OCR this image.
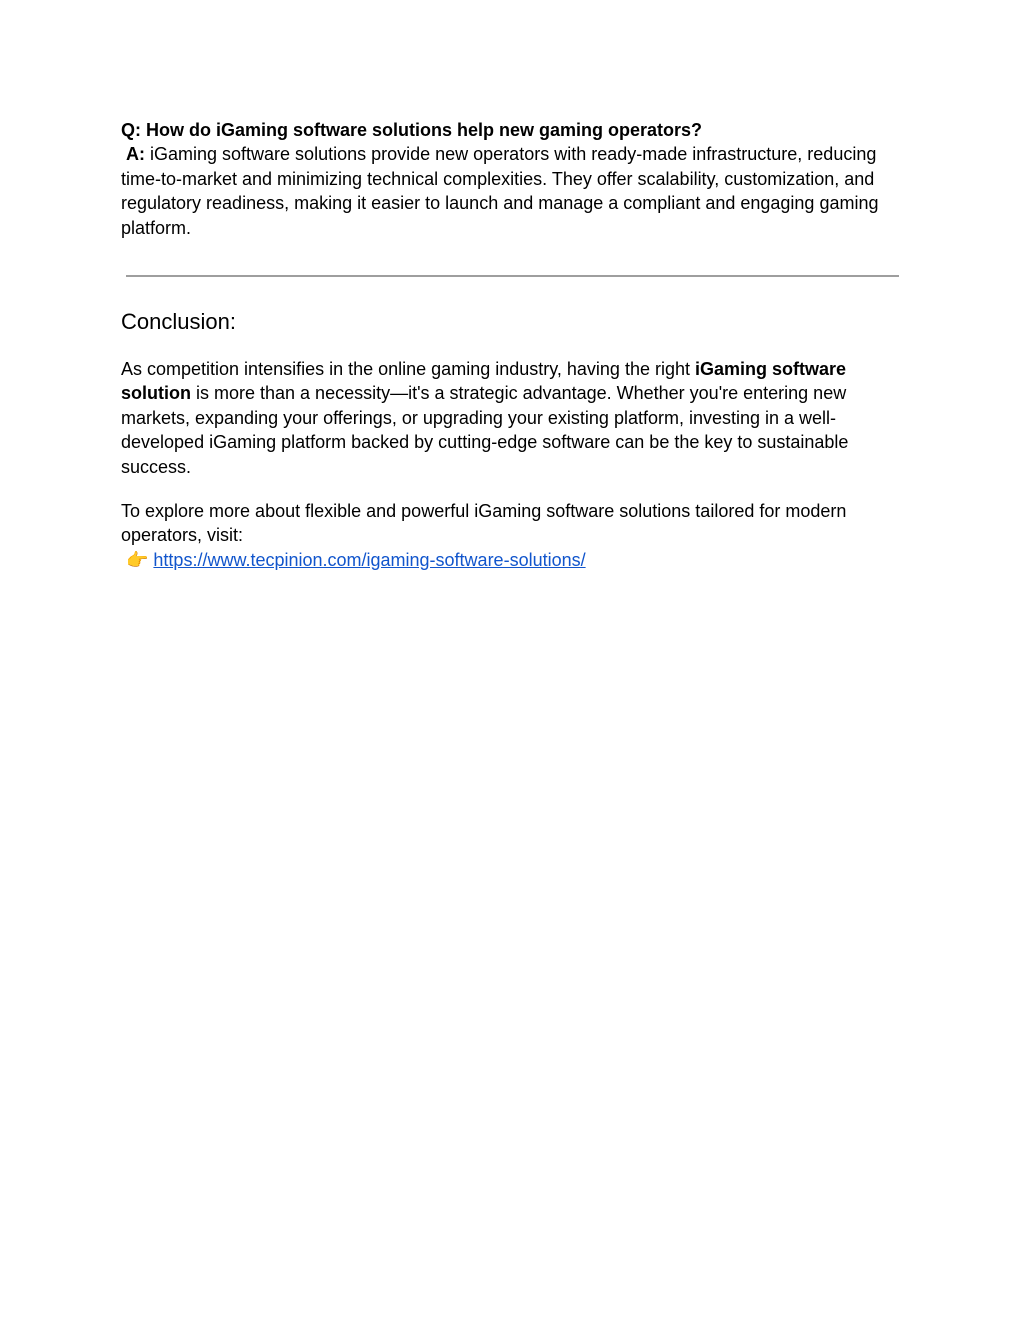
Q: How do iGaming software solutions help new gaming operators?

A: iGaming software solutions provide new operators with ready-made infrastructure, reducing time-to-market and minimizing technical complexities. They offer scalability, customization, and regulatory readiness, making it easier to launch and manage a compliant and engaging gaming platform.

Conclusion:

As competition intensifies in the online gaming industry, having the right iGaming software solution is more than a necessity—it's a strategic advantage. Whether you're entering new markets, expanding your offerings, or upgrading your existing platform, investing in a well-developed iGaming platform backed by cutting-edge software can be the key to sustainable success.

To explore more about flexible and powerful iGaming software solutions tailored for modern operators, visit:
👉 https://www.tecpinion.com/igaming-software-solutions/
